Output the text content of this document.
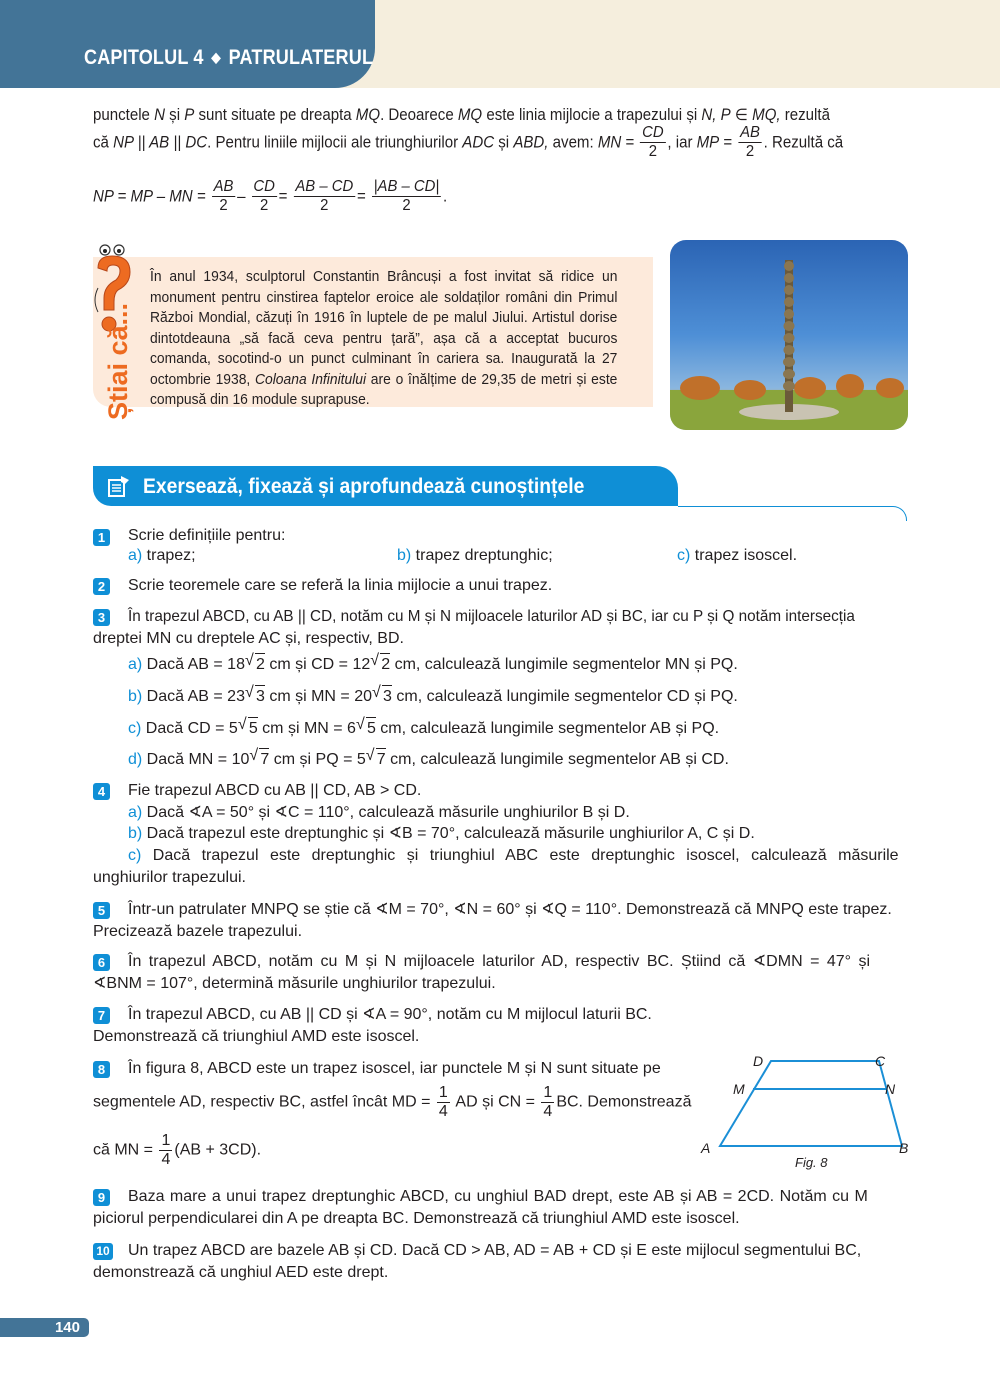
CAPITOLUL 4 ◆ PATRULATERUL
punctele N și P sunt situate pe dreapta MQ. Deoarece MQ este linia mijlocie a trapezului și N, P ∈ MQ, rezultă
că NP || AB || DC. Pentru liniile mijlocii ale triunghiurilor ADC și ABD, avem: MN = $\frac{CD}{2}$ , iar MP = $\frac{AB}{2}$ . Rezultă că
NP = MP – MN = $\frac{AB}{2} - \frac{CD}{2} = \frac{AB - CD}{2} = \frac{|AB - CD|}{2}$ .
Știai că...
În anul 1934, sculptorul Constantin Brâncuși a fost invitat să ridice un monument pentru cinstirea faptelor eroice ale soldaților români din Primul Război Mondial, căzuți în 1916 în luptele de pe malul Jiului. Artistul dorise dintotdeauna „să facă ceva pentru țară”, așa că a acceptat bucuros comanda, socotind-o un punct culminant în cariera sa. Inaugurată la 27 octombrie 1938, Coloana Infinitului are o înălțime de 29,35 de metri și este compusă din 16 module suprapuse.
Exersează, fixează și aprofundează cunoștințele
1	Scrie definițiile pentru:
a) trapez;	b) trapez dreptunghic;	c) trapez isoscel.
2	Scrie teoremele care se referă la linia mijlocie a unui trapez.
3	În trapezul ABCD, cu AB || CD, notăm cu M și N mijloacele laturilor AD și BC, iar cu P și Q notăm intersecția
dreptei MN cu dreptele AC și, respectiv, BD.
a) Dacă AB = 18 √ 2 cm și CD = 12 √ 2 cm, calculează lungimile segmentelor MN și PQ.
b) Dacă AB = 23 √ 3 cm și MN = 20 √ 3 cm, calculează lungimile segmentelor CD și PQ.
c) Dacă CD = 5 √ 5 cm și MN = 6 √ 5 cm, calculează lungimile segmentelor AB și PQ.
d) Dacă MN = 10 √ 7 cm și PQ = 5 √ 7 cm, calculează lungimile segmentelor AB și CD.
4	Fie trapezul ABCD cu AB || CD, AB > CD.
a) Dacă ∢A = 50° și ∢C = 110°, calculează măsurile unghiurilor B și D.
b) Dacă trapezul este dreptunghic și ∢B = 70°, calculează măsurile unghiurilor A, C și D.
c) Dacă trapezul este dreptunghic și triunghiul ABC este dreptunghic isoscel, calculează măsurile
unghiurilor trapezului.
5	Într-un patrulater MNPQ se știe că ∢M = 70°, ∢N = 60° și ∢Q = 110°. Demonstrează că MNPQ este trapez.
Precizează bazele trapezului.
6	În trapezul ABCD, notăm cu M și N mijloacele laturilor AD, respectiv BC. Știind că ∢DMN = 47° și
∢BNM = 107°, determină măsurile unghiurilor trapezului.
7	În trapezul ABCD, cu AB || CD și ∢A = 90°, notăm cu M mijlocul laturii BC.
Demonstrează că triunghiul AMD este isoscel.
8	În figura 8, ABCD este un trapez isoscel, iar punctele M și N sunt situate pe
segmentele AD, respectiv BC, astfel încât MD = $\frac{1}{4}$ AD și CN = $\frac{1}{4}$ BC. Demonstrează
că MN = $\frac{1}{4} (AB + 3CD)$.
D	C
M	N
A	B
Fig. 8
9	Baza mare a unui trapez dreptunghic ABCD, cu unghiul BAD drept, este AB și AB = 2CD. Notăm cu M
piciorul perpendicularei din A pe dreapta BC. Demonstrează că triunghiul AMD este isoscel.
10 Un trapez ABCD are bazele AB și CD. Dacă CD > AB, AD = AB + CD și E este mijlocul segmentului BC,
demonstrează că unghiul AED este drept.
140
